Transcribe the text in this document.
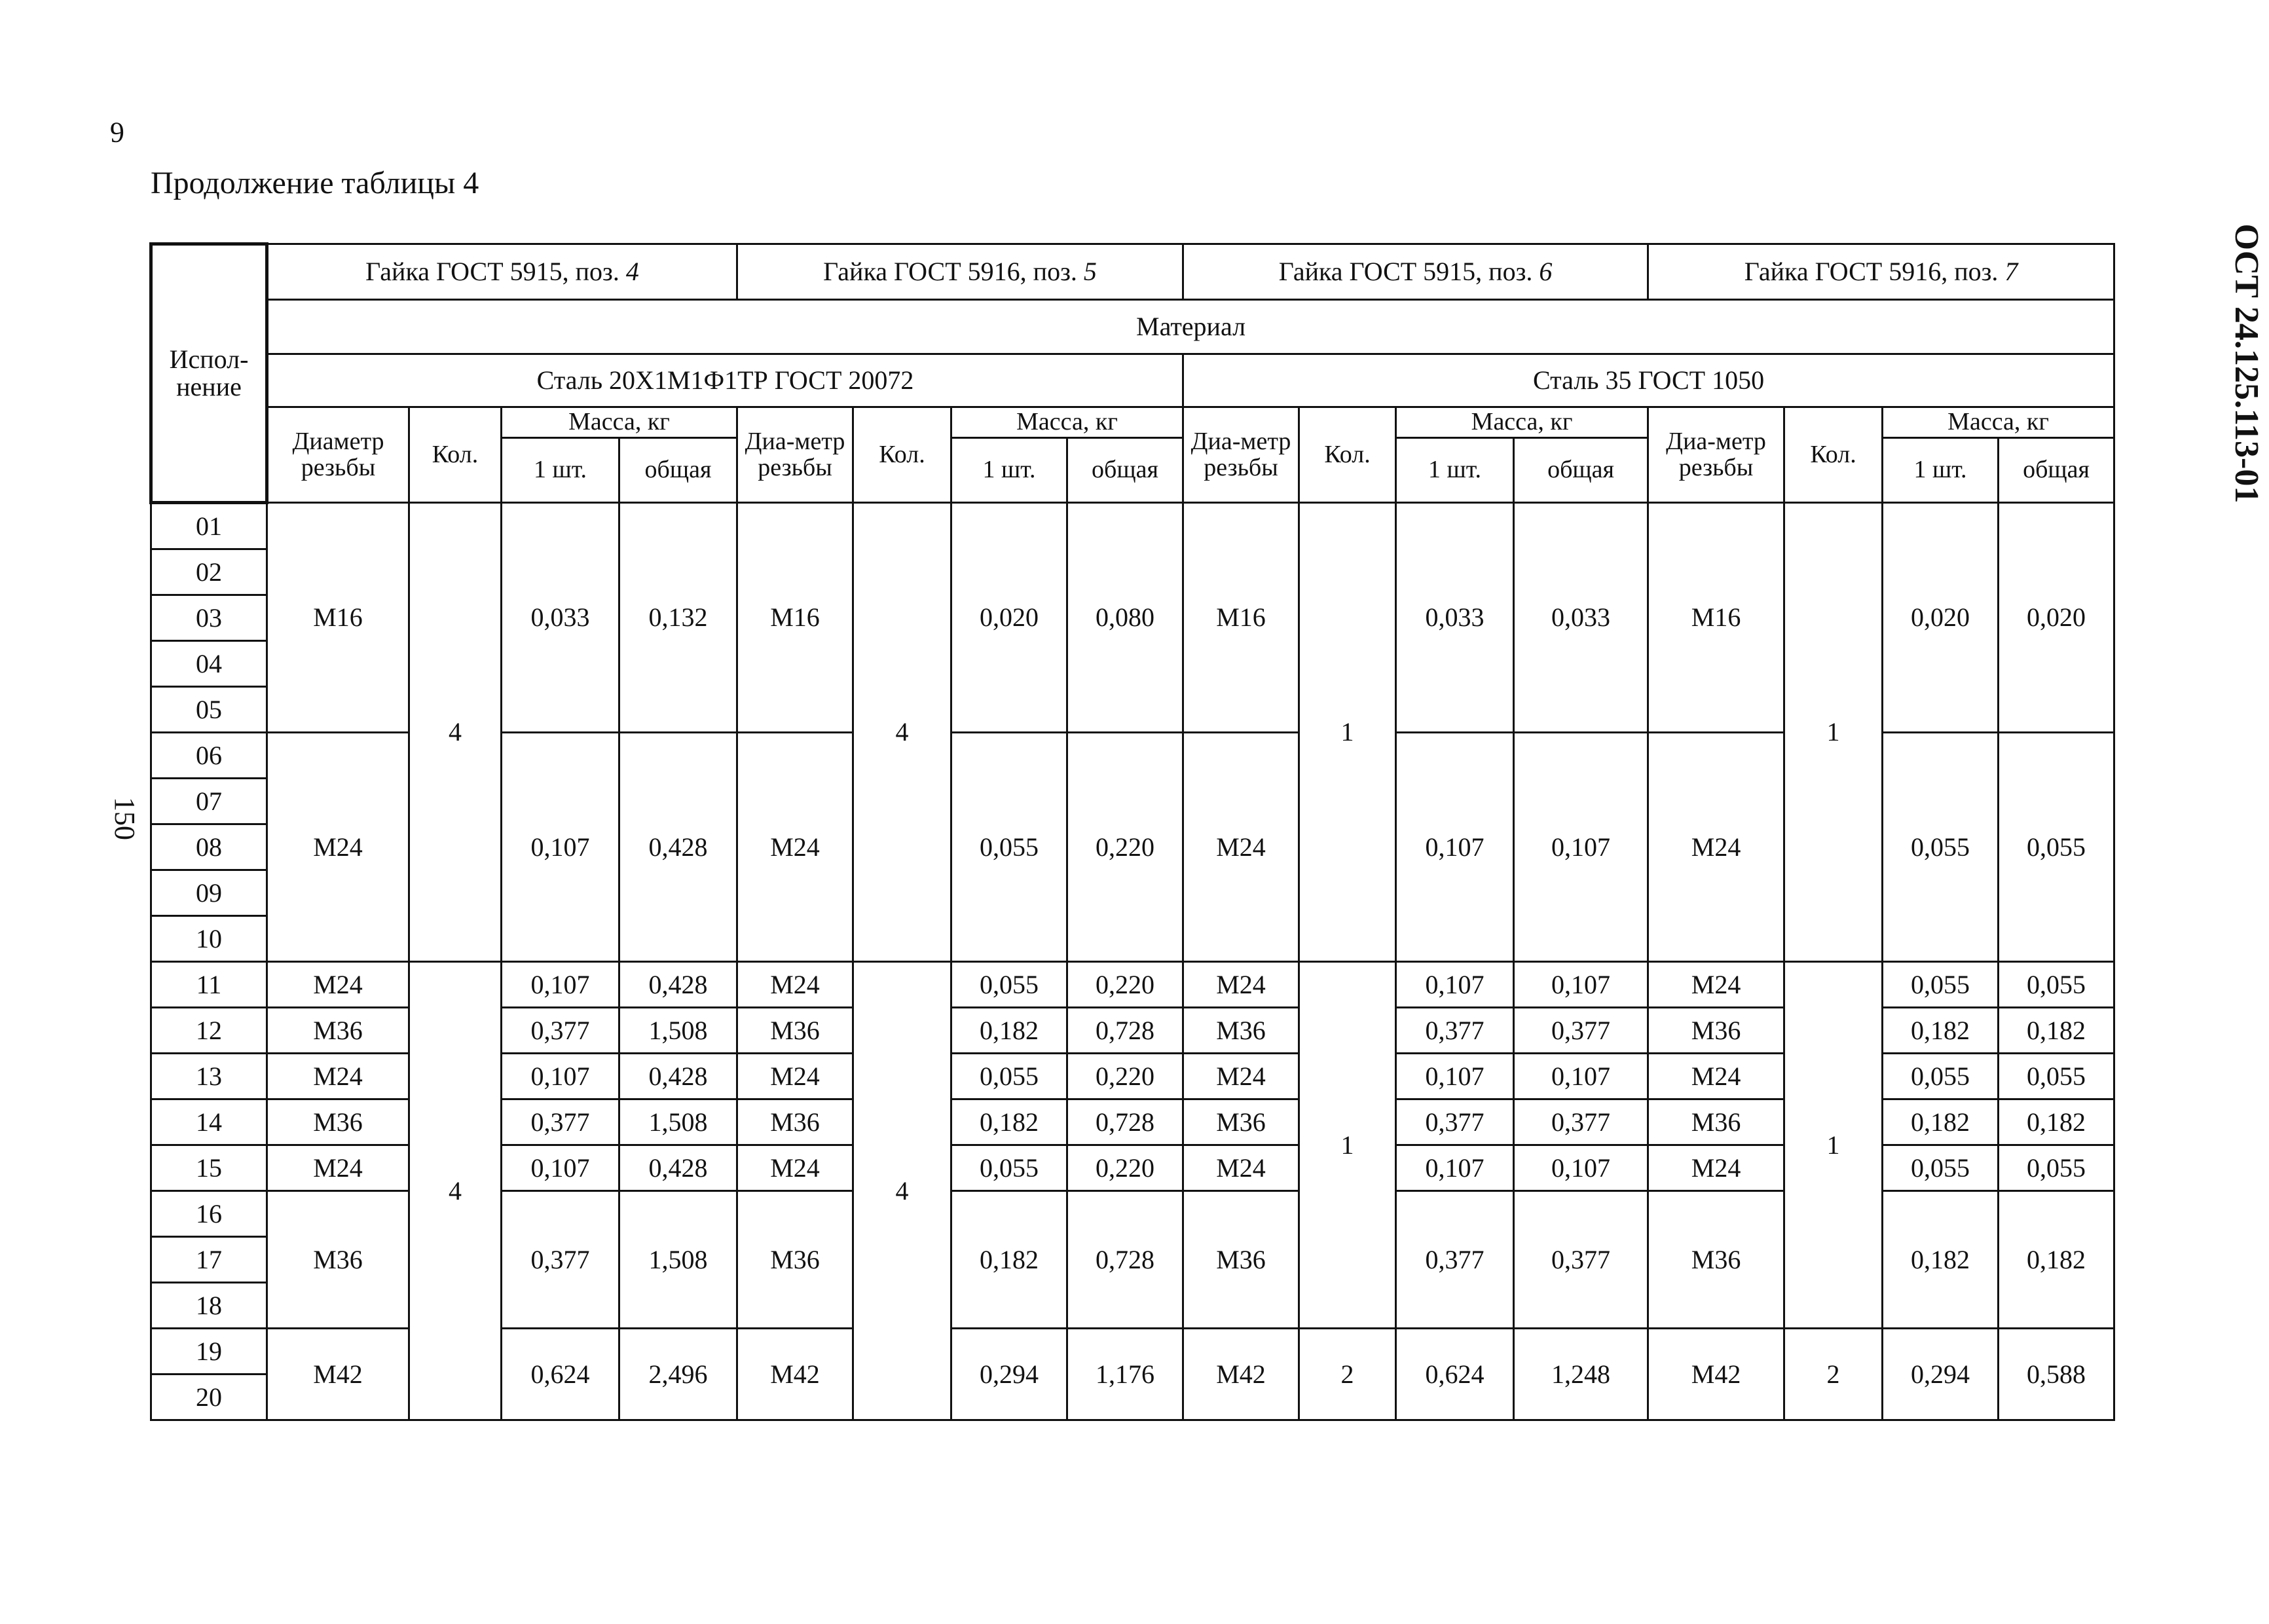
6
Продолжение таблицы 4
ОСТ 24.125.113-01
150
Испол-нение	Гайка ГОСТ 5915, поз. 4				Гайка ГОСТ 5916, поз. 5				Гайка ГОСТ 5915, поз. 6				Гайка ГОСТ 5916, поз. 7			
	Материал															
	Сталь 20Х1М1Ф1ТР ГОСТ 20072								Сталь 35 ГОСТ 1050							
	Диаметр резьбы	Кол.	Масса, кг		Диа-метр резьбы	Кол.	Масса, кг		Диа-метр резьбы	Кол.	Масса, кг		Диа-метр резьбы	Кол.	Масса, кг	
			1 шт.	общая			1 шт.	общая			1 шт.	общая			1 шт.	общая
01	М16	4	0,033	0,132	М16	4	0,020	0,080	М16	1	0,033	0,033	М16	1	0,020	0,020
02																
03																
04																
05																
06	М24		0,107	0,428	М24		0,055	0,220	М24		0,107	0,107	М24		0,055	0,055
07																
08																
09																
10																
11	М24	4	0,107	0,428	М24	4	0,055	0,220	М24	1	0,107	0,107	М24	1	0,055	0,055
12	М36		0,377	1,508	М36		0,182	0,728	М36		0,377	0,377	М36		0,182	0,182
13	М24		0,107	0,428	М24		0,055	0,220	М24		0,107	0,107	М24		0,055	0,055
14	М36		0,377	1,508	М36		0,182	0,728	М36		0,377	0,377	М36		0,182	0,182
15	М24		0,107	0,428	М24		0,055	0,220	М24		0,107	0,107	М24		0,055	0,055
16	М36		0,377	1,508	М36		0,182	0,728	М36		0,377	0,377	М36		0,182	0,182
17																
18																
19	М42		0,624	2,496	М42		0,294	1,176	М42	2	0,624	1,248	М42	2	0,294	0,588
20																
